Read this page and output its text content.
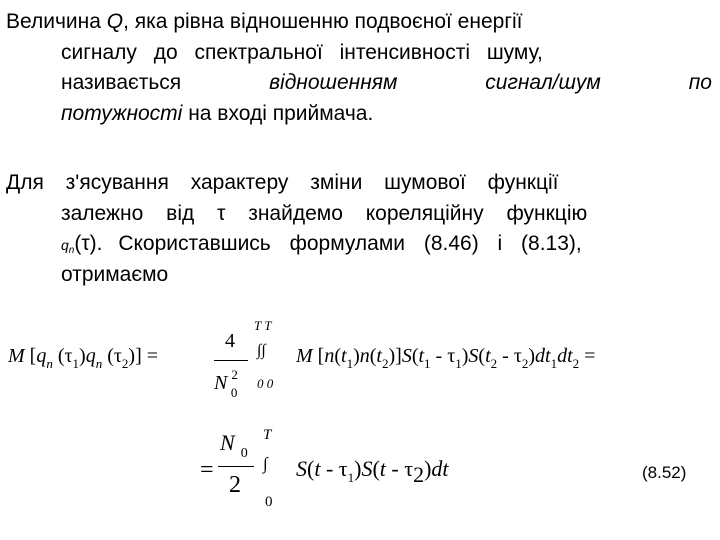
Величина Q, яка рівна відношенню подвоєної енергії
сигналу до спектральної інтенсивності шуму,
називається	відношенням	сигнал/шум	по
потужності на вході приймача.
Для з'ясування характеру зміни шумової функції
залежно від τ знайдемо кореляційну функцію
qn(τ). Скориставшись формулами (8.46) і (8.13),
отримаємо
M [$q_n$ $(\tau_1)q_n$ $(\tau_2)$] =
4
N $^2_0$
T T
∫∫
0 0
M $[n(t_1)n(t_2)]S(t_1 - \tau_1)S(t_2 - \tau_2)dt_1dt_2$ =
=
N $_0$
2
T
∫
0
$S(t - \tau_1)S(t - \tau 2)dt$	(8.52)
